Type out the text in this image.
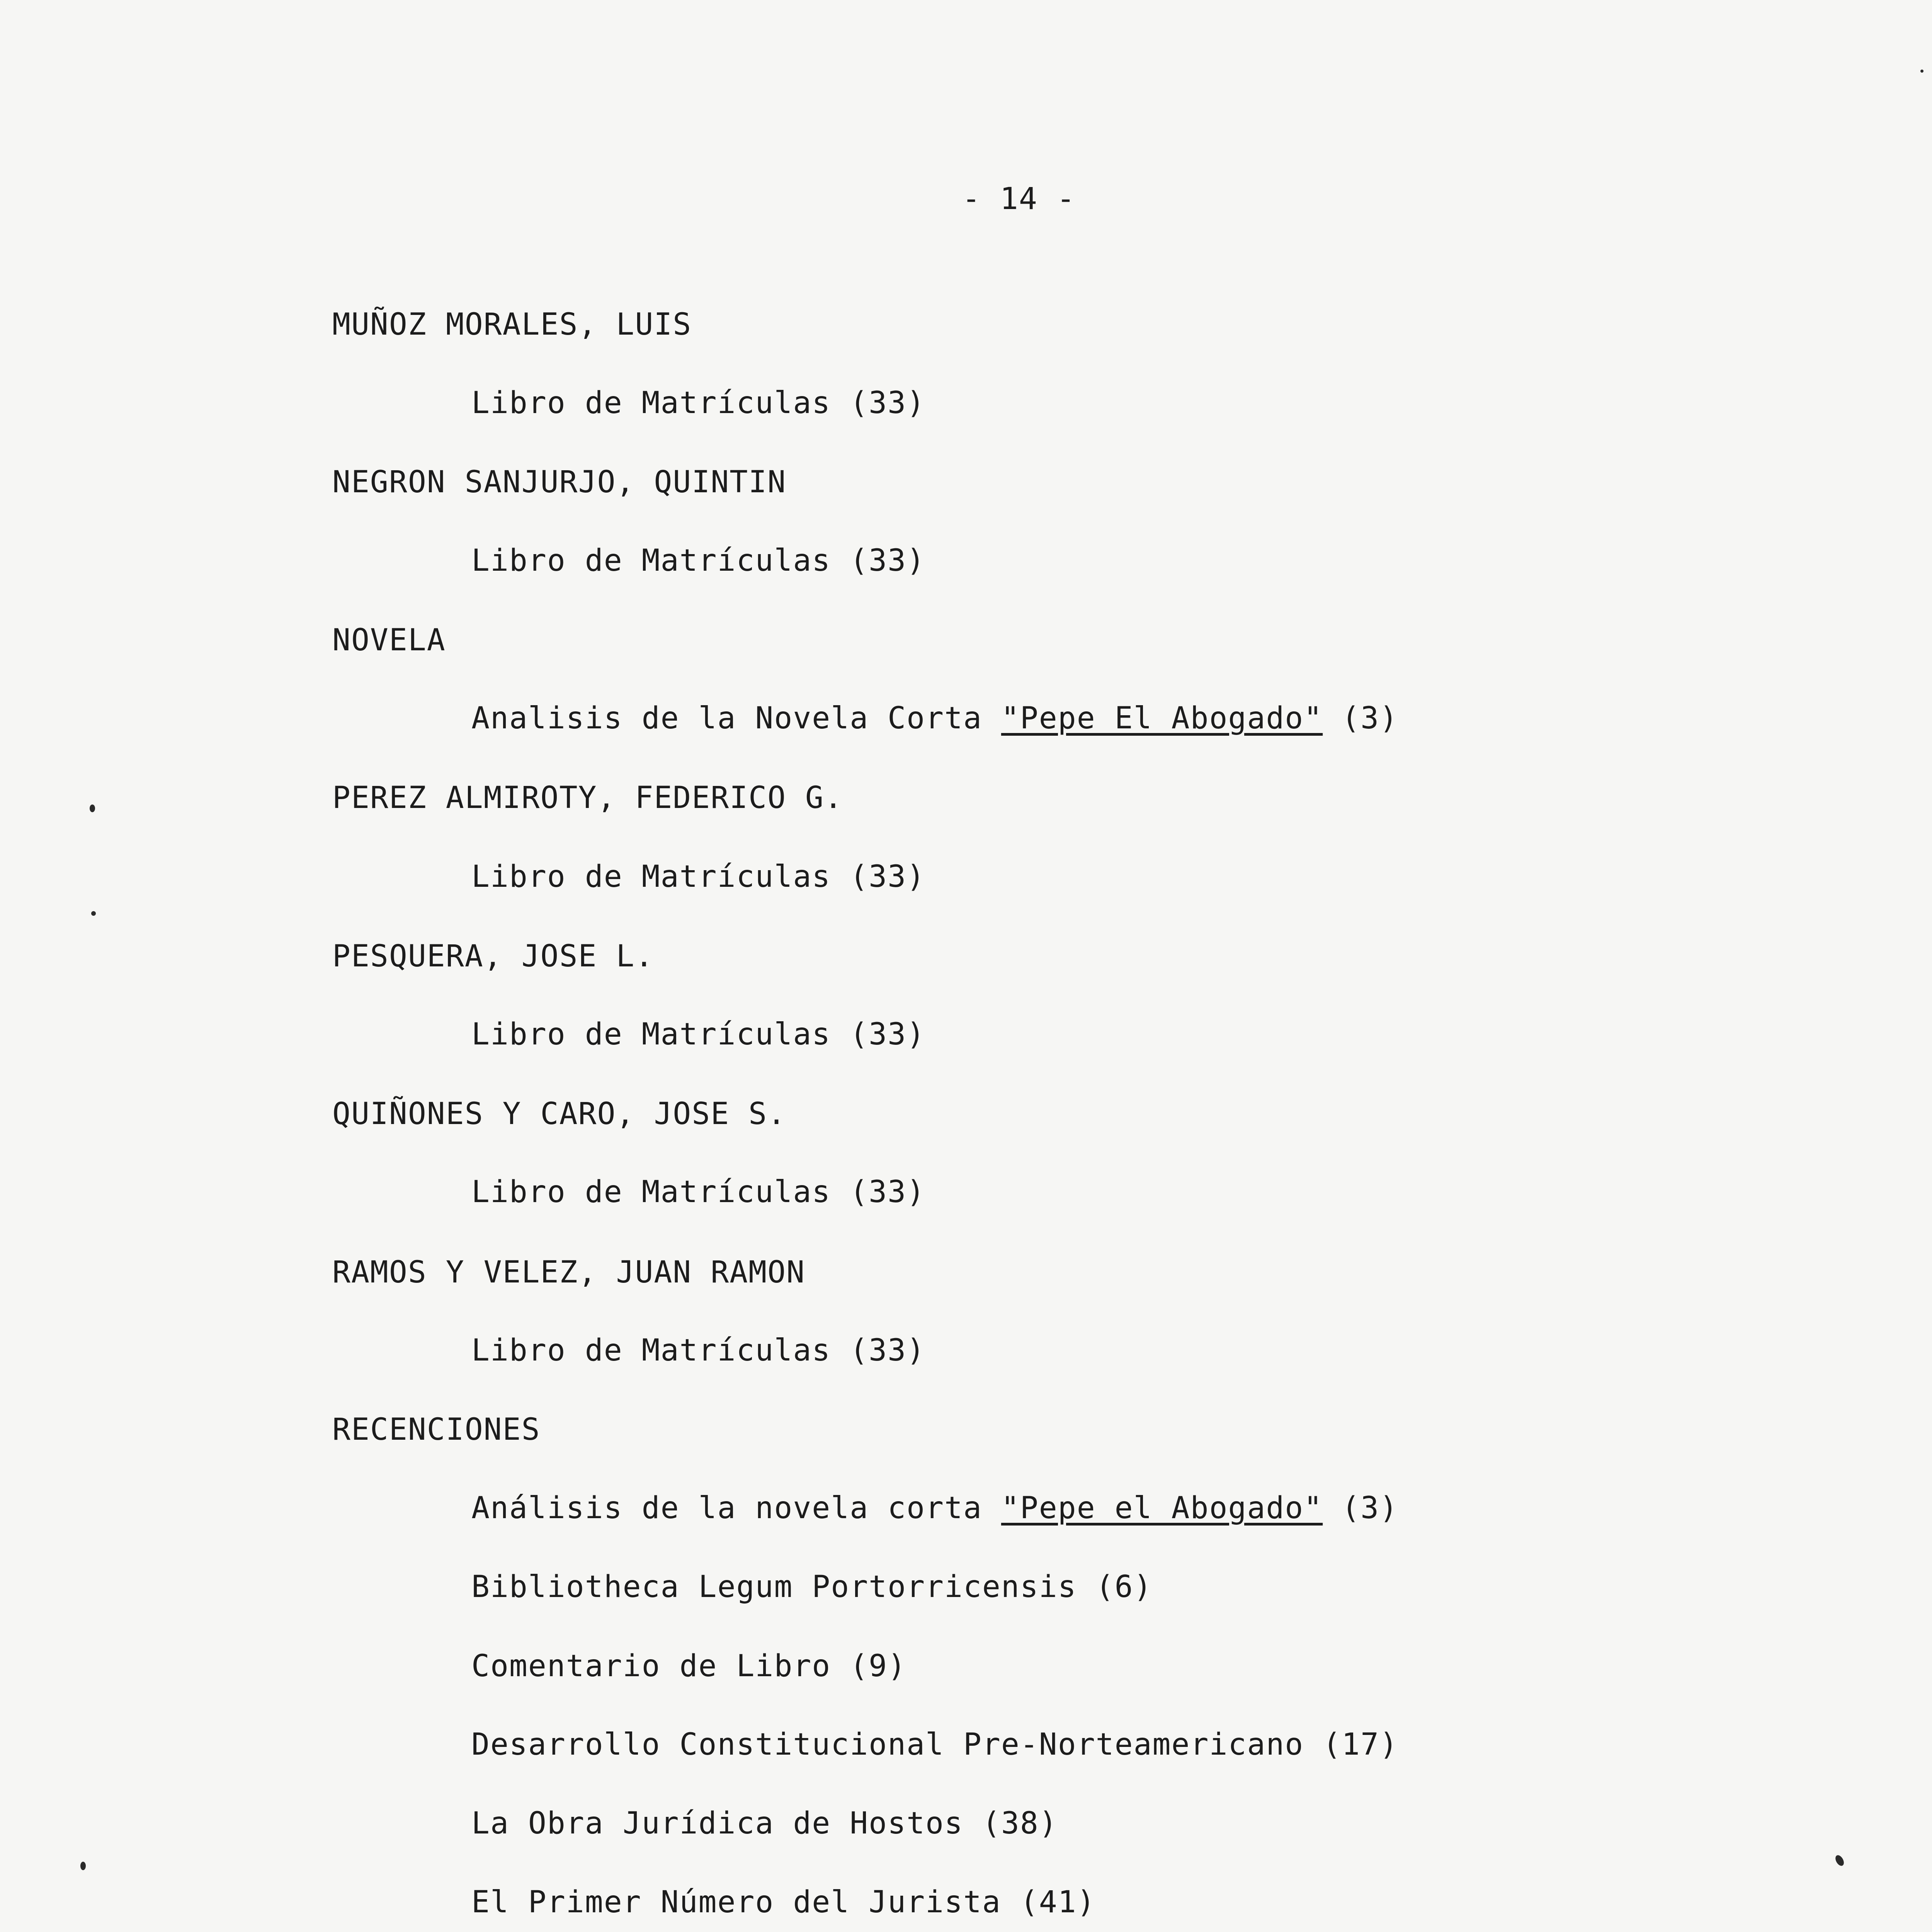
- 14 -
MUÑOZ MORALES, LUIS
Libro de Matrículas (33)
NEGRON SANJURJO, QUINTIN
Libro de Matrículas (33)
NOVELA
Analisis de la Novela Corta "Pepe El Abogado" (3)
PEREZ ALMIROTY, FEDERICO G.
Libro de Matrículas (33)
PESQUERA, JOSE L.
Libro de Matrículas (33)
QUIÑONES Y CARO, JOSE S.
Libro de Matrículas (33)
RAMOS Y VELEZ, JUAN RAMON
Libro de Matrículas (33)
RECENCIONES
Análisis de la novela corta "Pepe el Abogado" (3)
Bibliotheca Legum Portorricensis (6)
Comentario de Libro (9)
Desarrollo Constitucional Pre-Norteamericano (17)
La Obra Jurídica de Hostos (38)
El Primer Número del Jurista (41)
